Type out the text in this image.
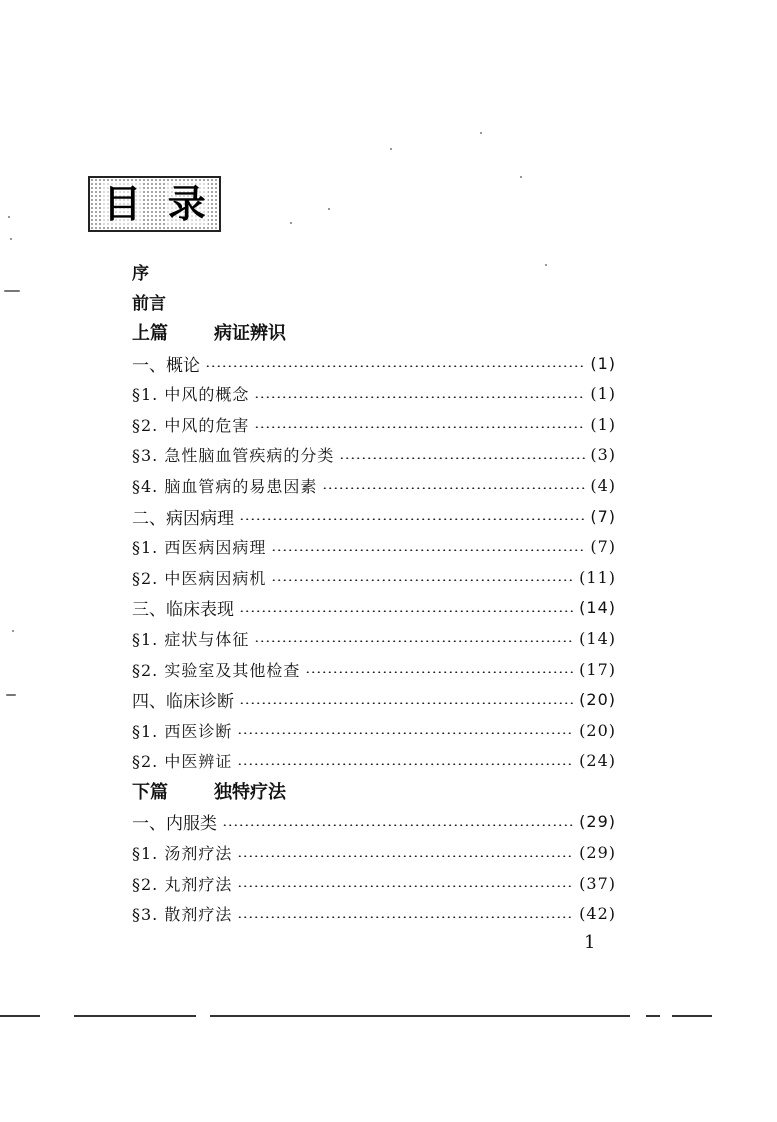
目 录
序
前言
上篇	病证辨识
一、概论	(1)
§1. 中风的概念	(1)
§2. 中风的危害	(1)
§3. 急性脑血管疾病的分类	(3)
§4. 脑血管病的易患因素	(4)
二、病因病理	(7)
§1. 西医病因病理	(7)
§2. 中医病因病机	(11)
三、临床表现	(14)
§1. 症状与体征	(14)
§2. 实验室及其他检查	(17)
四、临床诊断	(20)
§1. 西医诊断	(20)
§2. 中医辨证	(24)
下篇	独特疗法
一、内服类	(29)
§1. 汤剂疗法	(29)
§2. 丸剂疗法	(37)
§3. 散剂疗法	(42)
1
